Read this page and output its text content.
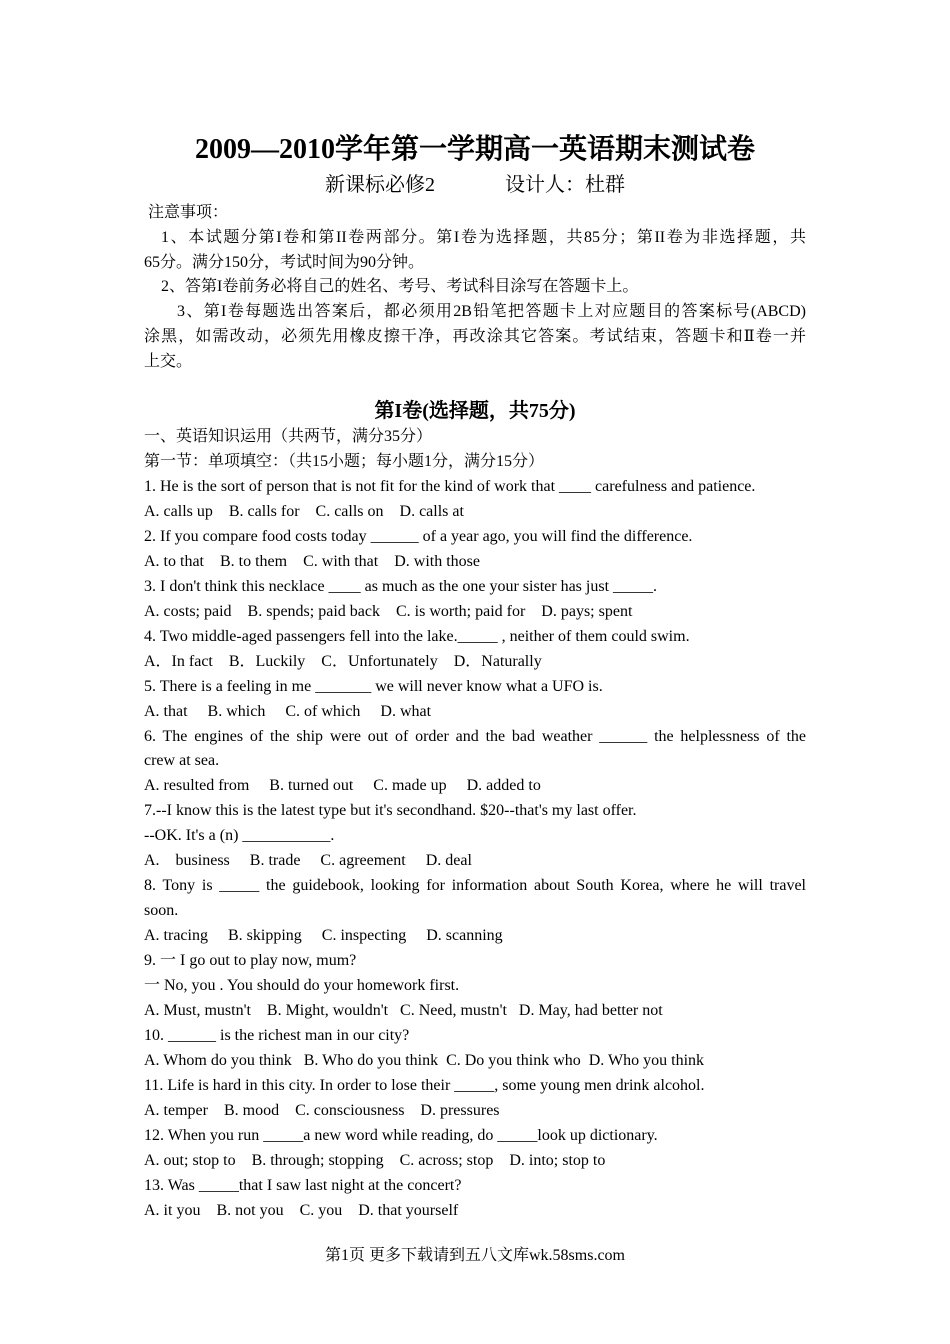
2009—2010学年第一学期高一英语期末测试卷
新课标必修2	设计人：杜群
注意事项：
1、本试题分第I卷和第II卷两部分。第I卷为选择题，共85分；第II卷为非选择题，共
65分。满分150分，考试时间为90分钟。
2、答第I卷前务必将自己的姓名、考号、考试科目涂写在答题卡上。
3、第I卷每题选出答案后，都必须用2B铅笔把答题卡上对应题目的答案标号(ABCD)
涂黑，如需改动，必须先用橡皮擦干净，再改涂其它答案。考试结束，答题卡和Ⅱ卷一并
上交。
第I卷(选择题，共75分)
一、英语知识运用（共两节，满分35分）
第一节：单项填空：（共15小题；每小题1分，满分15分）
1. He is the sort of person that is not fit for the kind of work that ____ carefulness and patience.
A. calls up    B. calls for    C. calls on    D. calls at
2. If you compare food costs today ______ of a year ago, you will find the difference.
A. to that    B. to them    C. with that    D. with those
3. I don't think this necklace ____ as much as the one your sister has just _____.
A. costs; paid    B. spends; paid back    C. is worth; paid for    D. pays; spent
4. Two middle-aged passengers fell into the lake._____ , neither of them could swim.
A．In fact    B．Luckily    C．Unfortunately    D．Naturally
5. There is a feeling in me _______ we will never know what a UFO is.
A. that     B. which     C. of which     D. what
6. The engines of the ship were out of order and the bad weather ______ the helplessness of the
crew at sea.
A. resulted from     B. turned out     C. made up     D. added to
7.--I know this is the latest type but it's secondhand. $20--that's my last offer.
--OK. It's a (n) ___________.
A.    business     B. trade     C. agreement     D. deal
8. Tony is _____ the guidebook, looking for information about South Korea, where he will travel
soon.
A. tracing     B. skipping     C. inspecting     D. scanning
9. 一 I go out to play now, mum?
一 No, you . You should do your homework first.
A. Must, mustn't    B. Might, wouldn't   C. Need, mustn't   D. May, had better not
10. ______ is the richest man in our city?
A. Whom do you think   B. Who do you think  C. Do you think who  D. Who you think
11. Life is hard in this city. In order to lose their _____, some young men drink alcohol.
A. temper    B. mood    C. consciousness    D. pressures
12. When you run _____a new word while reading, do _____look up dictionary.
A. out; stop to    B. through; stopping    C. across; stop    D. into; stop to
13. Was _____that I saw last night at the concert?
A. it you    B. not you    C. you    D. that yourself
第1页 更多下载请到五八文库wk.58sms.com
